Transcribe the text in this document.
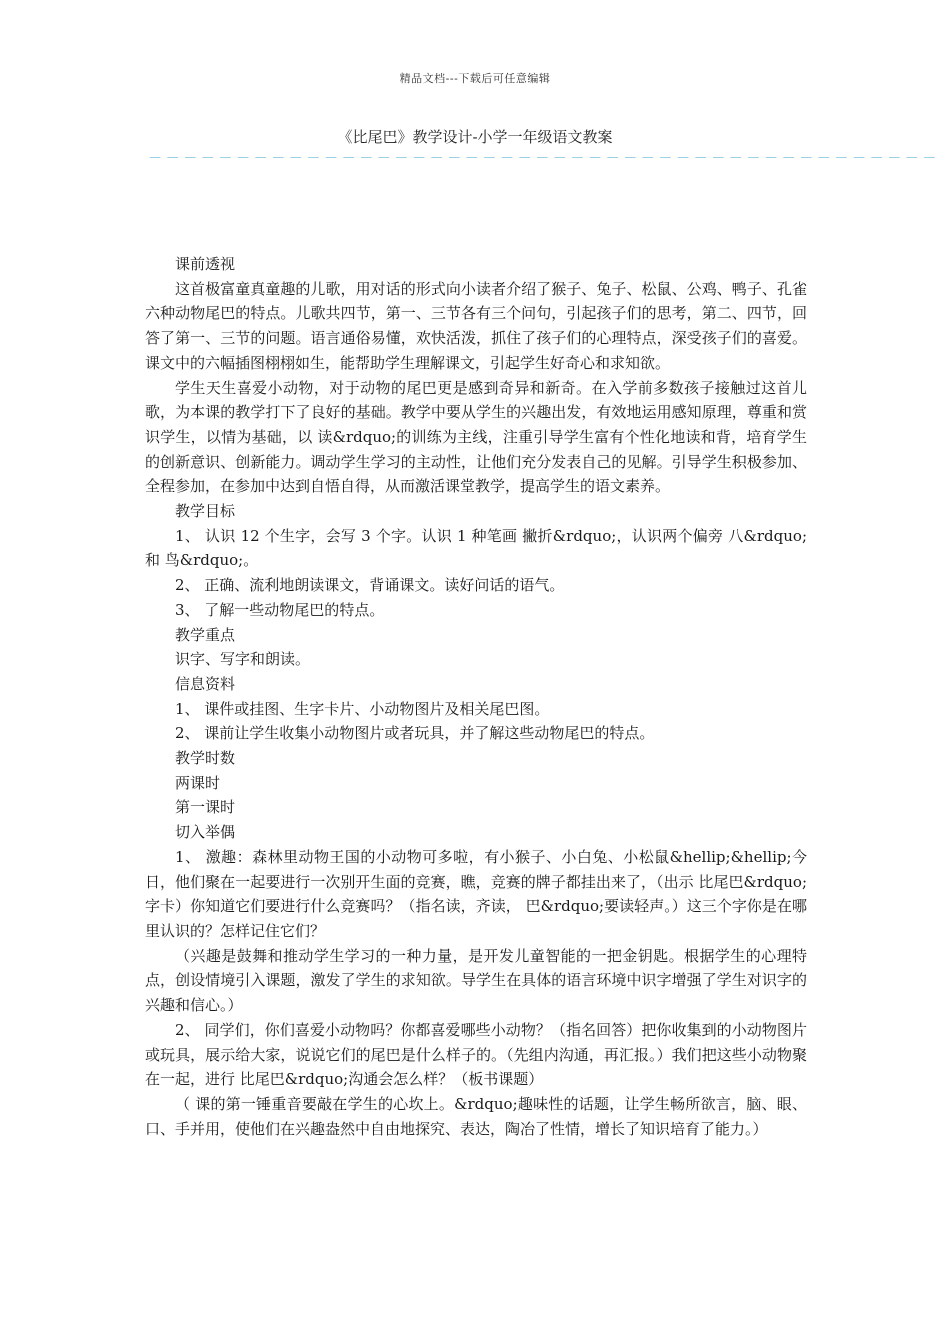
精品文档---下载后可任意编辑
《比尾巴》教学设计-小学一年级语文教案
－－－－－－－－－－－－－－－－－－－－－－－－－－－－－－－－－－－－－－－－－－－－－

课前透视

这首极富童真童趣的儿歌，用对话的形式向小读者介绍了猴子、兔子、松鼠、公鸡、鸭子、孔雀六种动物尾巴的特点。儿歌共四节，第一、三节各有三个问句，引起孩子们的思考，第二、四节，回答了第一、三节的问题。语言通俗易懂，欢快活泼，抓住了孩子们的心理特点，深受孩子们的喜爱。课文中的六幅插图栩栩如生，能帮助学生理解课文，引起学生好奇心和求知欲。

学生天生喜爱小动物，对于动物的尾巴更是感到奇异和新奇。在入学前多数孩子接触过这首儿歌，为本课的教学打下了良好的基础。教学中要从学生的兴趣出发，有效地运用感知原理，尊重和赏识学生，以情为基础，以 读&rdquo;的训练为主线，注重引导学生富有个性化地读和背，培育学生的创新意识、创新能力。调动学生学习的主动性，让他们充分发表自己的见解。引导学生积极参加、全程参加，在参加中达到自悟自得，从而激活课堂教学，提高学生的语文素养。

教学目标

1、 认识 12 个生字，会写 3 个字。认识 1 种笔画 撇折&rdquo;，认识两个偏旁 八&rdquo;和 鸟&rdquo;。

2、 正确、流利地朗读课文，背诵课文。读好问话的语气。

3、 了解一些动物尾巴的特点。

教学重点

识字、写字和朗读。

信息资料

1、 课件或挂图、生字卡片、小动物图片及相关尾巴图。

2、 课前让学生收集小动物图片或者玩具，并了解这些动物尾巴的特点。

教学时数

两课时

第一课时

切入举偶

1、 激趣：森林里动物王国的小动物可多啦，有小猴子、小白兔、小松鼠&hellip;&hellip;今日，他们聚在一起要进行一次别开生面的竞赛，瞧，竞赛的牌子都挂出来了，（出示 比尾巴&rdquo;字卡）你知道它们要进行什么竞赛吗？（指名读，齐读， 巴&rdquo;要读轻声。）这三个字你是在哪里认识的？怎样记住它们？

（兴趣是鼓舞和推动学生学习的一种力量，是开发儿童智能的一把金钥匙。根据学生的心理特点，创设情境引入课题，激发了学生的求知欲。导学生在具体的语言环境中识字增强了学生对识字的兴趣和信心。）

2、 同学们，你们喜爱小动物吗？你都喜爱哪些小动物？（指名回答）把你收集到的小动物图片或玩具，展示给大家，说说它们的尾巴是什么样子的。（先组内沟通，再汇报。）我们把这些小动物聚在一起，进行 比尾巴&rdquo;沟通会怎么样？（板书课题）

（ 课的第一锤重音要敲在学生的心坎上。&rdquo;趣味性的话题，让学生畅所欲言，脑、眼、口、手并用，使他们在兴趣盎然中自由地探究、表达，陶冶了性情，增长了知识培育了能力。）
